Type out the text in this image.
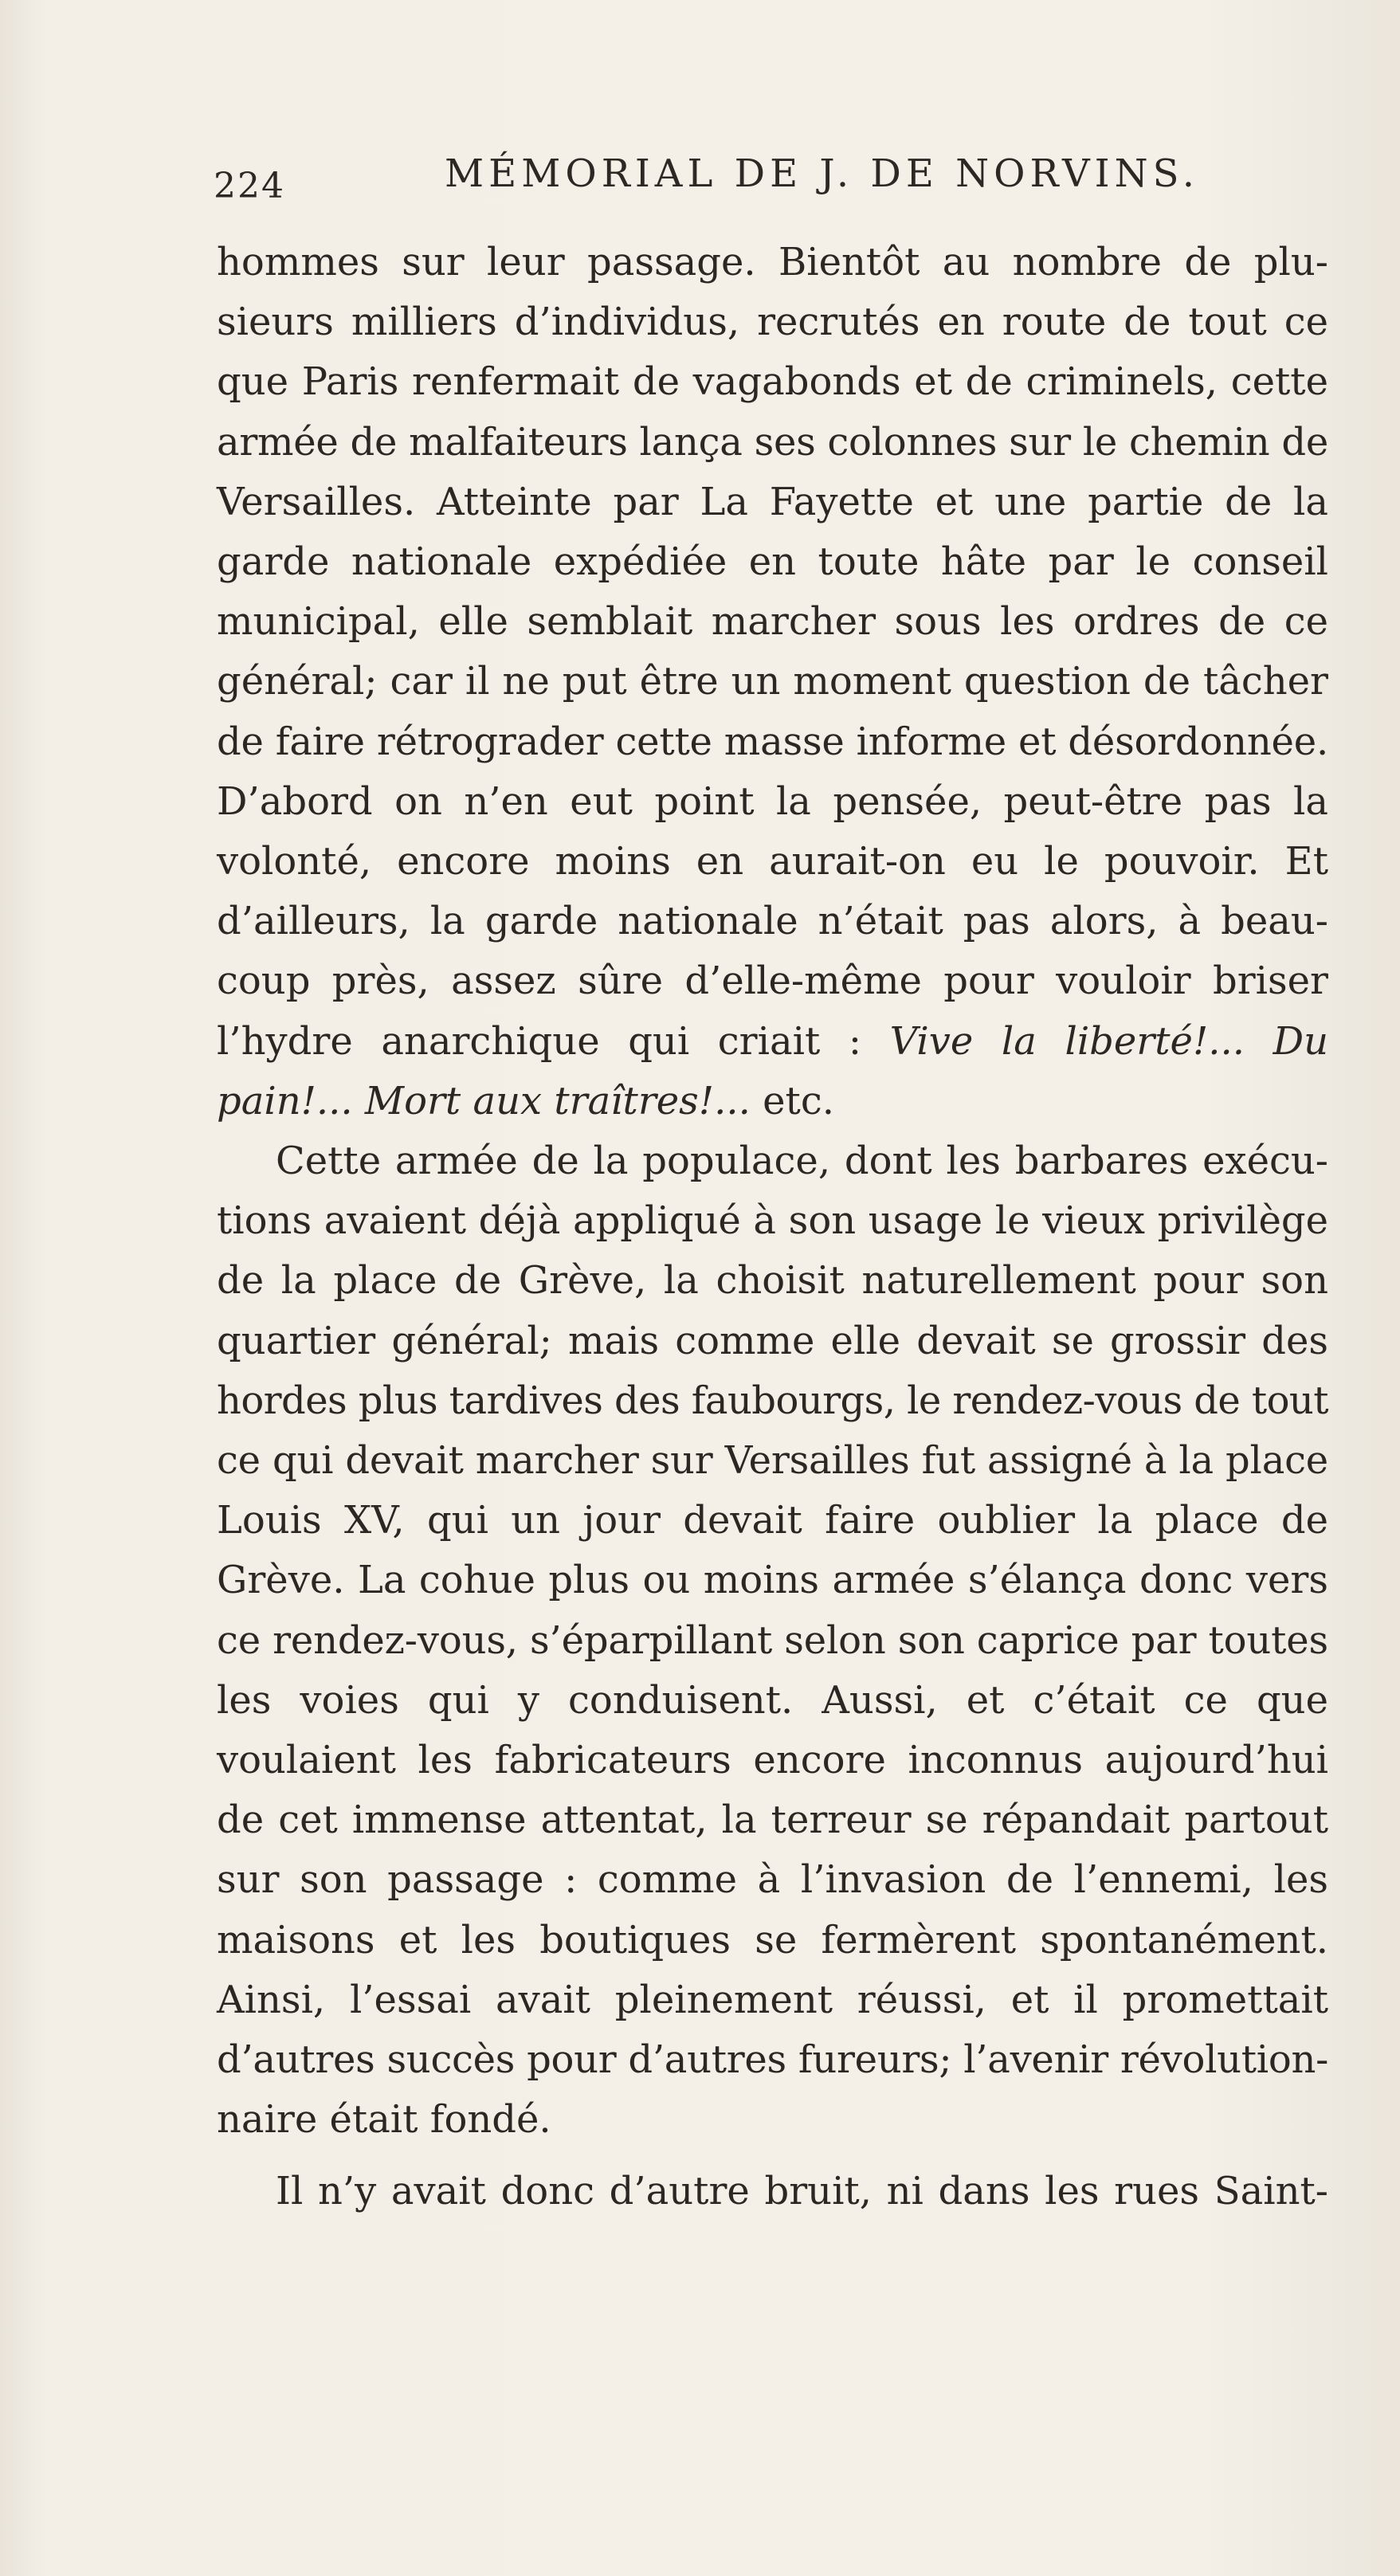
224	MÉMORIAL DE J. DE NORVINS.

hommes sur leur passage. Bientôt au nombre de plu-
sieurs milliers d’individus, recrutés en route de tout ce
que Paris renfermait de vagabonds et de criminels, cette
armée de malfaiteurs lança ses colonnes sur le chemin de
Versailles. Atteinte par La Fayette et une partie de la
garde nationale expédiée en toute hâte par le conseil
municipal, elle semblait marcher sous les ordres de ce
général; car il ne put être un moment question de tâcher
de faire rétrograder cette masse informe et désordonnée.
D’abord on n’en eut point la pensée, peut-être pas la
volonté, encore moins en aurait-on eu le pouvoir. Et
d’ailleurs, la garde nationale n’était pas alors, à beau-
coup près, assez sûre d’elle-même pour vouloir briser
l’hydre anarchique qui criait : Vive la liberté!... Du
pain!... Mort aux traîtres!... etc.

Cette armée de la populace, dont les barbares exécu-
tions avaient déjà appliqué à son usage le vieux privilège
de la place de Grève, la choisit naturellement pour son
quartier général; mais comme elle devait se grossir des
hordes plus tardives des faubourgs, le rendez-vous de tout
ce qui devait marcher sur Versailles fut assigné à la place
Louis XV, qui un jour devait faire oublier la place de
Grève. La cohue plus ou moins armée s’élança donc vers
ce rendez-vous, s’éparpillant selon son caprice par toutes
les voies qui y conduisent. Aussi, et c’était ce que
voulaient les fabricateurs encore inconnus aujourd’hui
de cet immense attentat, la terreur se répandait partout
sur son passage : comme à l’invasion de l’ennemi, les
maisons et les boutiques se fermèrent spontanément.
Ainsi, l’essai avait pleinement réussi, et il promettait
d’autres succès pour d’autres fureurs; l’avenir révolution-
naire était fondé.

Il n’y avait donc d’autre bruit, ni dans les rues Saint-
